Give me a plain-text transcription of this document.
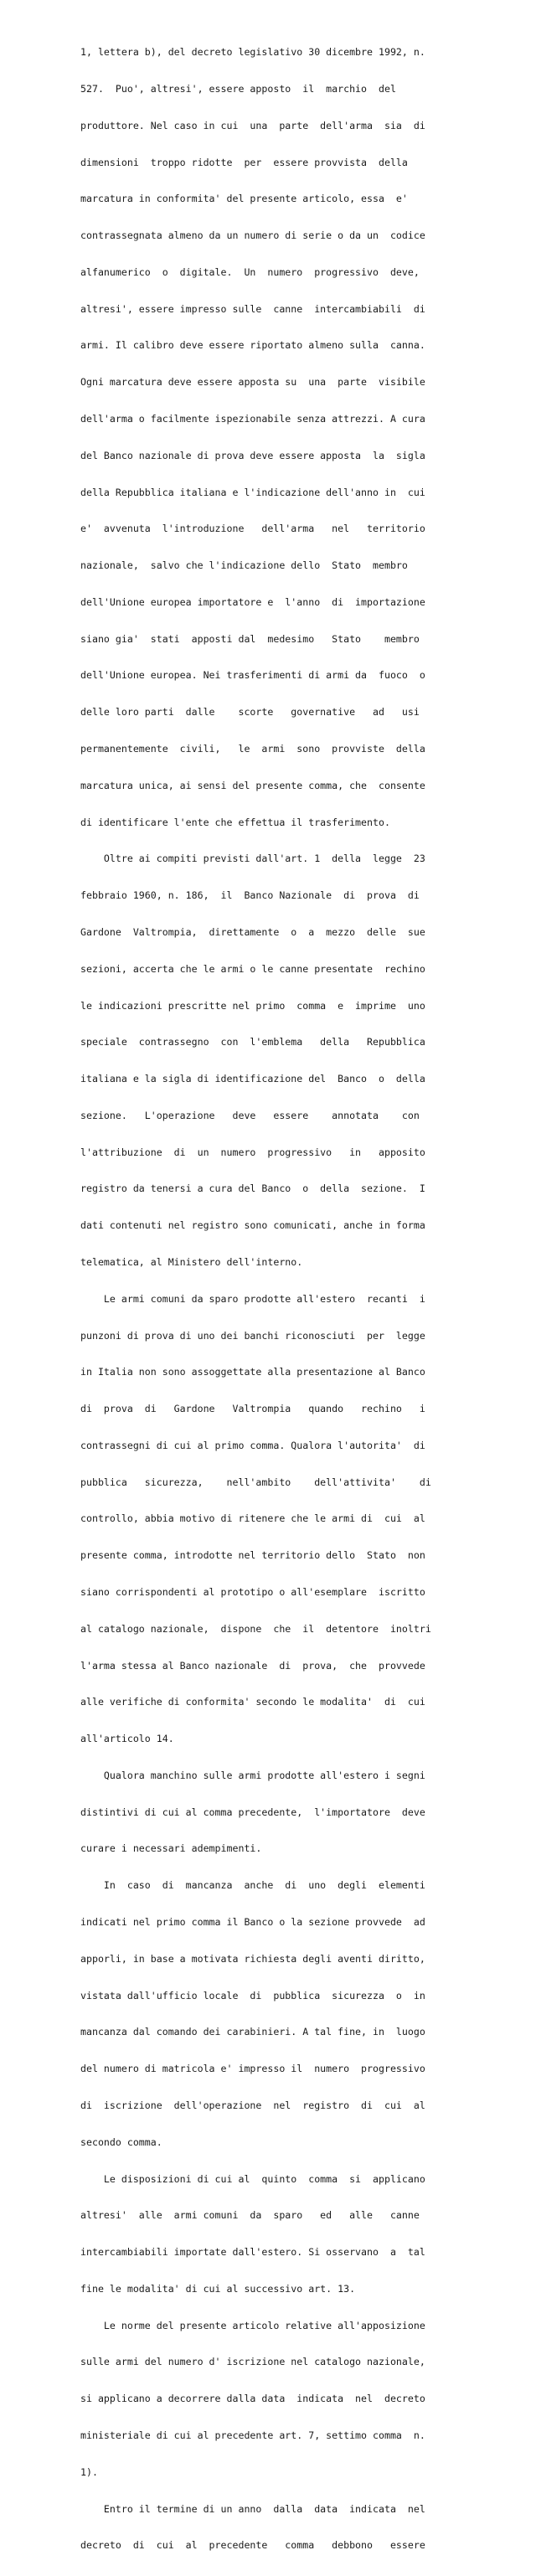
1, lettera b), del decreto legislativo 30 dicembre 1992, n.

527.  Puo', altresi', essere apposto  il  marchio  del

produttore. Nel caso in cui  una  parte  dell'arma  sia  di

dimensioni  troppo ridotte  per  essere provvista  della

marcatura in conformita' del presente articolo, essa  e'

contrassegnata almeno da un numero di serie o da un  codice

alfanumerico  o  digitale.  Un  numero  progressivo  deve,

altresi', essere impresso sulle  canne  intercambiabili  di

armi. Il calibro deve essere riportato almeno sulla  canna.

Ogni marcatura deve essere apposta su  una  parte  visibile

dell'arma o facilmente ispezionabile senza attrezzi. A cura

del Banco nazionale di prova deve essere apposta  la  sigla

della Repubblica italiana e l'indicazione dell'anno in  cui

e'  avvenuta  l'introduzione   dell'arma   nel   territorio

nazionale,  salvo che l'indicazione dello  Stato  membro

dell'Unione europea importatore e  l'anno  di  importazione

siano gia'  stati  apposti dal  medesimo   Stato    membro

dell'Unione europea. Nei trasferimenti di armi da  fuoco  o

delle loro parti  dalle    scorte   governative   ad   usi

permanentemente  civili,   le  armi  sono  provviste  della

marcatura unica, ai sensi del presente comma, che  consente

di identificare l'ente che effettua il trasferimento.

Oltre ai compiti previsti dall'art. 1  della  legge  23

febbraio 1960, n. 186,  il  Banco Nazionale  di  prova  di

Gardone  Valtrompia,  direttamente  o  a  mezzo  delle  sue

sezioni, accerta che le armi o le canne presentate  rechino

le indicazioni prescritte nel primo  comma  e  imprime  uno

speciale  contrassegno  con  l'emblema   della   Repubblica

italiana e la sigla di identificazione del  Banco  o  della

sezione.   L'operazione   deve   essere    annotata    con

l'attribuzione  di  un  numero  progressivo   in   apposito

registro da tenersi a cura del Banco  o  della  sezione.  I

dati contenuti nel registro sono comunicati, anche in forma

telematica, al Ministero dell'interno.

Le armi comuni da sparo prodotte all'estero  recanti  i

punzoni di prova di uno dei banchi riconosciuti  per  legge

in Italia non sono assoggettate alla presentazione al Banco

di  prova  di   Gardone   Valtrompia   quando   rechino   i

contrassegni di cui al primo comma. Qualora l'autorita'  di

pubblica   sicurezza,    nell'ambito    dell'attivita'    di

controllo, abbia motivo di ritenere che le armi di  cui  al

presente comma, introdotte nel territorio dello  Stato  non

siano corrispondenti al prototipo o all'esemplare  iscritto

al catalogo nazionale,  dispone  che  il  detentore  inoltri

l'arma stessa al Banco nazionale  di  prova,  che  provvede

alle verifiche di conformita' secondo le modalita'  di  cui

all'articolo 14.

Qualora manchino sulle armi prodotte all'estero i segni

distintivi di cui al comma precedente,  l'importatore  deve

curare i necessari adempimenti.

In  caso  di  mancanza  anche  di  uno  degli  elementi

indicati nel primo comma il Banco o la sezione provvede  ad

apporli, in base a motivata richiesta degli aventi diritto,

vistata dall'ufficio locale  di  pubblica  sicurezza  o  in

mancanza dal comando dei carabinieri. A tal fine, in  luogo

del numero di matricola e' impresso il  numero  progressivo

di  iscrizione  dell'operazione  nel  registro  di  cui  al

secondo comma.

Le disposizioni di cui al  quinto  comma  si  applicano

altresi'  alle  armi comuni  da  sparo   ed   alle   canne

intercambiabili importate dall'estero. Si osservano  a  tal

fine le modalita' di cui al successivo art. 13.

Le norme del presente articolo relative all'apposizione

sulle armi del numero d' iscrizione nel catalogo nazionale,

si applicano a decorrere dalla data  indicata  nel  decreto

ministeriale di cui al precedente art. 7, settimo comma  n.

1).

Entro il termine di un anno  dalla  data  indicata  nel

decreto  di  cui  al  precedente   comma   debbono   essere
